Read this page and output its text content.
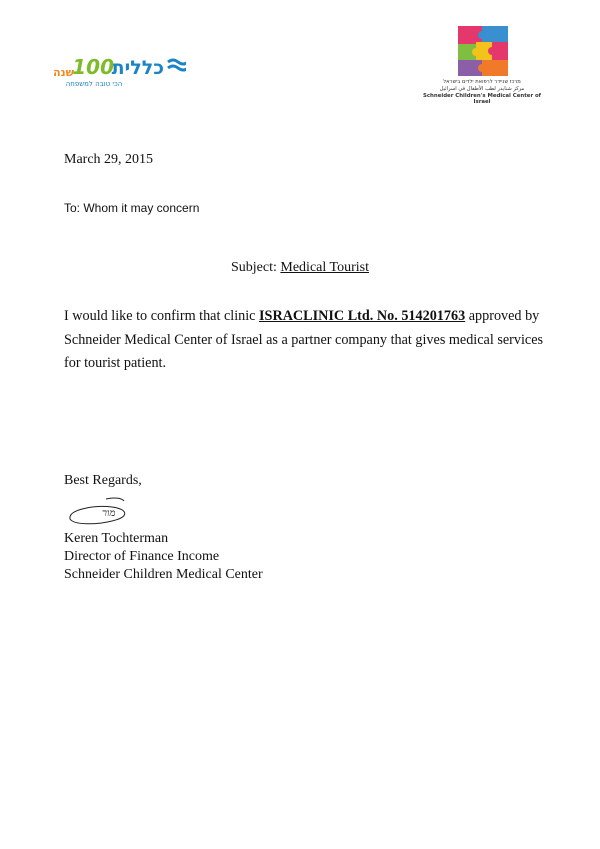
כללית
100
שנה
הכי טובה למשפחה	מרכז שניידר לרפואת ילדים בישראל
مركز شنايدر لطب الأطفال في اسرائيل
Schneider Children's Medical Center of Israel
March 29, 2015
To: Whom it may concern
Subject: Medical Tourist
I would like to confirm that clinic ISRACLINIC Ltd. No. 514201763 approved by Schneider Medical Center of Israel as a partner company that gives medical services for tourist patient.
Best Regards,
מור
Keren Tochterman
Director of Finance Income
Schneider Children Medical Center
